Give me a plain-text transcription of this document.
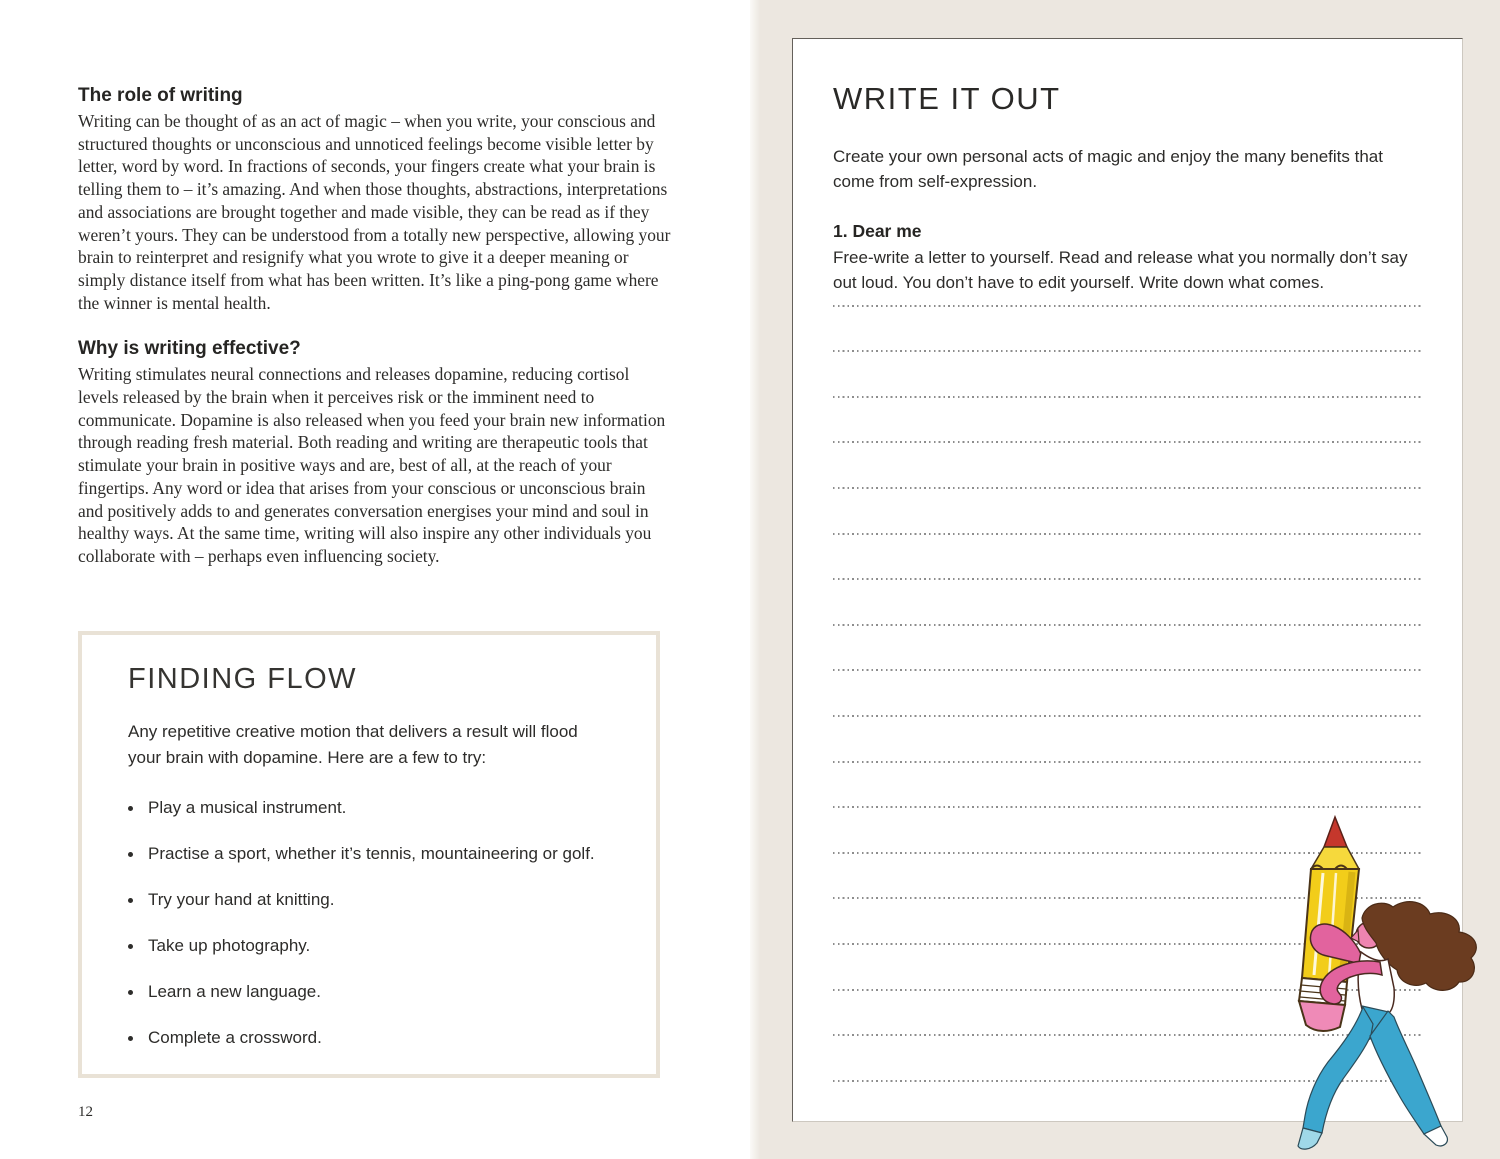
The role of writing

Writing can be thought of as an act of magic – when you write, your conscious and structured thoughts or unconscious and unnoticed feelings become visible letter by letter, word by word. In fractions of seconds, your fingers create what your brain is telling them to – it’s amazing. And when those thoughts, abstractions, interpretations and associations are brought together and made visible, they can be read as if they weren’t yours. They can be understood from a totally new perspective, allowing your brain to reinterpret and resignify what you wrote to give it a deeper meaning or simply distance itself from what has been written. It’s like a ping-pong game where the winner is mental health.

Why is writing effective?

Writing stimulates neural connections and releases dopamine, reducing cortisol levels released by the brain when it perceives risk or the imminent need to communicate. Dopamine is also released when you feed your brain new information through reading fresh material. Both reading and writing are therapeutic tools that stimulate your brain in positive ways and are, best of all, at the reach of your fingertips. Any word or idea that arises from your conscious or unconscious brain and positively adds to and generates conversation energises your mind and soul in healthy ways. At the same time, writing will also inspire any other individuals you collaborate with – perhaps even influencing society.

FINDING FLOW

Any repetitive creative motion that delivers a result will flood your brain with dopamine. Here are a few to try:

Play a musical instrument.
Practise a sport, whether it’s tennis, mountaineering or golf.
Try your hand at knitting.
Take up photography.
Learn a new language.
Complete a crossword.
12
WRITE IT OUT

Create your own personal acts of magic and enjoy the many benefits that come from self-expression.

1. Dear me

Free-write a letter to yourself. Read and release what you normally don’t say out loud. You don’t have to edit yourself. Write down what comes.
